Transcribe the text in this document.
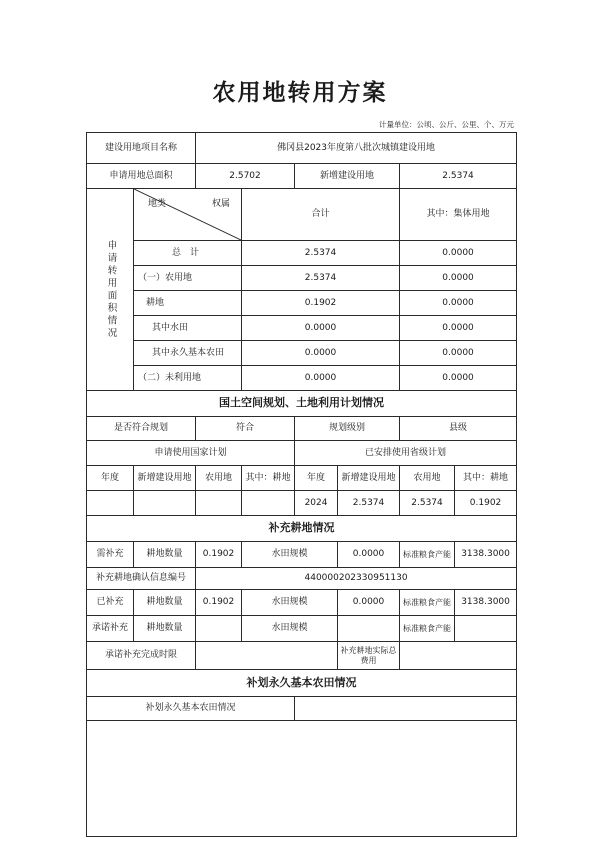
农用地转用方案
计量单位：公顷、公斤、公里、个、万元
建设用地项目名称		佛冈县2023年度第八批次城镇建设用地					
申请用地总面积		2.5702		新增建设用地		2.5374	

申请转用面积情况	地类 权属		合计			其中：集体用地	
	总　计		2.5374			0.0000	
	（一）农用地		2.5374			0.0000	
	耕地		0.1902			0.0000	
	其中水田		0.0000			0.0000	
	其中永久基本农田		0.0000			0.0000	
	（二）未利用地		0.0000			0.0000	
国土空间规划、土地利用计划情况							
是否符合规划		符合		规划级别		县级	
申请使用国家计划				已安排使用省级计划			
年度	新增建设用地	农用地	其中：耕地	年度	新增建设用地	农用地	其中：耕地
				2024	2.5374	2.5374	0.1902
补充耕地情况							
需补充	耕地数量	0.1902	水田规模		0.0000	标准粮食产能	3138.3000
补充耕地确认信息编号		440000202330951130					
已补充	耕地数量	0.1902	水田规模		0.0000	标准粮食产能	3138.3000
承诺补充	耕地数量		水田规模			标准粮食产能	
承诺补充完成时限					补充耕地实际总费用		
补划永久基本农田情况							
补划永久基本农田情况							
